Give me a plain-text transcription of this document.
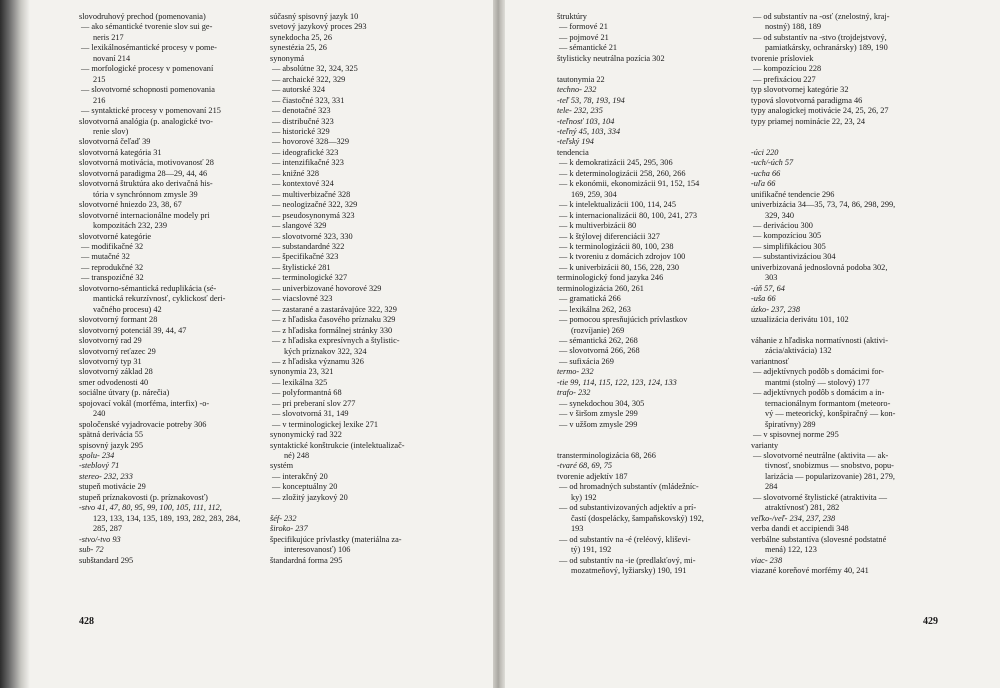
slovodruhový prechod (pomenovania)
— ako sémantické tvorenie slov sui ge-
neris 217
— lexikálnosémantické procesy v pome-
novaní 214
— morfologické procesy v pomenovaní
215
— slovotvorné schopnosti pomenovania
216
— syntaktické procesy v pomenovaní 215
slovotvorná analógia (p. analogické tvo-
renie slov)
slovotvorná čeľaď 39
slovotvorná kategória 31
slovotvorná motivácia, motivovanosť 28
slovotvorná paradigma 28—29, 44, 46
slovotvorná štruktúra ako derivačná his-
tória v synchrónnom zmysle 39
slovotvorné hniezdo 23, 38, 67
slovotvorné internacionálne modely pri
kompozitách 232, 239
slovotvorné kategórie
— modifikačné 32
— mutačné 32
— reprodukčné 32
— transpozičné 32
slovotvorno-sémantická reduplikácia (sé-
mantická rekurzívnosť, cyklickosť deri-
vačného procesu) 42
slovotvorný formant 28
slovotvorný potenciál 39, 44, 47
slovotvorný rad 29
slovotvorný reťazec 29
slovotvorný typ 31
slovotvorný základ 28
smer odvodenosti 40
sociálne útvary (p. nárečia)
spojovací vokál (morféma, interfix) -o-
240
spoločenské vyjadrovacie potreby 306
spätná derivácia 55
spisovný jazyk 295
spolu- 234
-steblový 71
stereo- 232, 233
stupeň motivácie 29
stupeň príznakovosti (p. príznakovosť)
-stvo 41, 47, 80, 95, 99, 100, 105, 111, 112,
123, 133, 134, 135, 189, 193, 282, 283, 284,
285, 287
-stvo/-tvo 93
sub- 72
subštandard 295
súčasný spisovný jazyk 10
svetový jazykový proces 293
synekdocha 25, 26
synestézia 25, 26
synonymá
— absolútne 32, 324, 325
— archaické 322, 329
— autorské 324
— čiastočné 323, 331
— denotačné 323
— distribučné 323
— historické 329
— hovorové 328—329
— ideografické 323
— intenzifikačné 323
— knižné 328
— kontextové 324
— multiverbizačné 328
— neologizačné 322, 329
— pseudosynonymá 323
— slangové 329
— slovotvorné 323, 330
— substandardné 322
— špecifikačné 323
— štylistické 281
— terminologické 327
— univerbizované hovorové 329
— viacslovné 323
— zastarané a zastarávajúce 322, 329
— z hľadiska časového príznaku 329
— z hľadiska formálnej stránky 330
— z hľadiska expresívnych a štylistic-
kých príznakov 322, 324
— z hľadiska významu 326
synonymia 23, 321
— lexikálna 325
— polyformantná 68
— pri preberaní slov 277
— slovotvorná 31, 149
— v terminologickej lexike 271
synonymický rad 322
syntaktické konštrukcie (intelektualizač-
né) 248
systém
— interakčný 20
— konceptuálny 20
— zložitý jazykový 20
šéf- 232
široko- 237
špecifikujúce prívlastky (materiálna za-
interesovanosť) 106
štandardná forma 295
428
štruktúry
— formové 21
— pojmové 21
— sémantické 21
štylisticky neutrálna pozícia 302
tautonymia 22
techno- 232
-teľ 53, 78, 193, 194
tele- 232, 235
-teľnosť 103, 104
-teľný 45, 103, 334
-teľský 194
tendencia
— k demokratizácii 245, 295, 306
— k determinologizácii 258, 260, 266
— k ekonómii, ekonomizácii 91, 152, 154
169, 259, 304
— k intelektualizácii 100, 114, 245
— k internacionalizácii 80, 100, 241, 273
— k multiverbizácii 80
— k štýlovej diferenciácii 327
— k terminologizácii 80, 100, 238
— k tvoreniu z domácich zdrojov 100
— k univerbizácii 80, 156, 228, 230
terminologický fond jazyka 246
terminologizácia 260, 261
— gramatická 266
— lexikálna 262, 263
— pomocou spresňujúcich prívlastkov
(rozvíjanie) 269
— sémantická 262, 268
— slovotvorná 266, 268
— sufixácia 269
termo- 232
-tie 99, 114, 115, 122, 123, 124, 133
trafo- 232
— synekdochou 304, 305
— v širšom zmysle 299
— v užšom zmysle 299
transterminologizácia 68, 266
-tvaré 68, 69, 75
tvorenie adjektív 187
— od hromadných substantív (mládežníc-
ky) 192
— od substantivizovaných adjektív a prí-
častí (dospelácky, šampaňskovský) 192,
193
— od substantív na -é (reléový, kliševi-
tý) 191, 192
— od substantív na -ie (predlakťový, mi-
mozatmeňový, lyžiarsky) 190, 191
— od substantív na -osť (znelostný, kraj-
nostný) 188, 189
— od substantív na -stvo (trojdejstvový,
pamiatkársky, ochranársky) 189, 190
tvorenie prísloviek
— kompozíciou 228
— prefixáciou 227
typ slovotvornej kategórie 32
typová slovotvorná paradigma 46
typy analogickej motivácie 24, 25, 26, 27
typy priamej nominácie 22, 23, 24
-úci 220
-uch/-úch 57
-ucha 66
-uľa 66
unifikačné tendencie 296
univerbizácia 34—35, 73, 74, 86, 298, 299,
329, 340
— deriváciou 300
— kompozíciou 305
— simplifikáciou 305
— substantivizáciou 304
univerbizovaná jednoslovná podoba 302,
303
-úň 57, 64
-uša 66
úzko- 237, 238
uzualizácia derivátu 101, 102
váhanie z hľadiska normatívnosti (aktivi-
zácia/aktivácia) 132
variantnosť
— adjektívnych podôb s domácimi for-
mantmi (stolný — stolový) 177
— adjektívnych podôb s domácim a in-
ternacionálnym formantom (meteoro-
vý — meteorický, konšpiračný — kon-
špiratívny) 289
— v spisovnej norme 295
varianty
— slovotvorné neutrálne (aktivita — ak-
tivnosť, snobizmus — snobstvo, popu-
larizácia — popularizovanie) 281, 279,
284
— slovotvorné štylistické (atraktivita —
atraktívnosť) 281, 282
veľko-/veľ- 234, 237, 238
verba dandi et accipiendi 348
verbálne substantíva (slovesné podstatné
mená) 122, 123
viac- 238
viazané koreňové morfémy 40, 241
429
